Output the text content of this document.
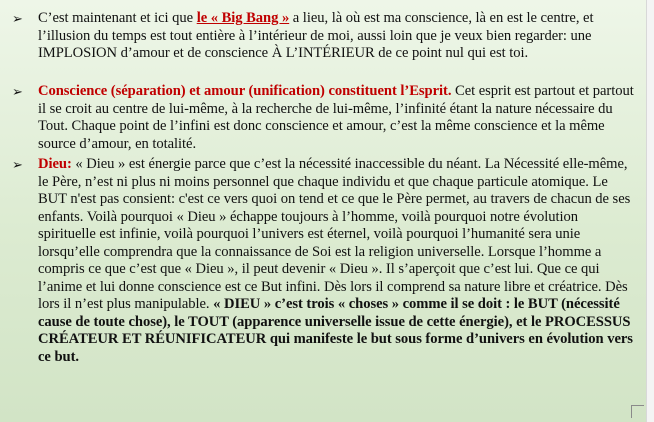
➢ C’est maintenant et ici que le « Big Bang » a lieu, là où est ma conscience, là en est le centre, et l’illusion du temps est tout entière à l’intérieur de moi, aussi loin que je veux bien regarder: une IMPLOSION d’amour et de conscience À L’INTÉRIEUR de ce point nul qui est toi.
➢ Conscience (séparation) et amour (unification) constituent l’Esprit. Cet esprit est partout et partout il se croit au centre de lui-même, à la recherche de lui-même, l’infinité étant la nature nécessaire du Tout. Chaque point de l’infini est donc conscience et amour, c’est la même conscience et la même source d’amour, en totalité.
➢ Dieu: « Dieu » est énergie parce que c’est la nécessité inaccessible du néant. La Nécessité elle-même, le Père, n’est ni plus ni moins personnel que chaque individu et que chaque particule atomique. Le BUT n'est pas consient: c'est ce vers quoi on tend et ce que le Père permet, au travers de chacun de ses enfants. Voilà pourquoi « Dieu » échappe toujours à l’homme, voilà pourquoi notre évolution spirituelle est infinie, voilà pourquoi l’univers est éternel, voilà pourquoi l’humanité sera unie lorsqu’elle comprendra que la connaissance de Soi est la religion universelle. Lorsque l’homme a compris ce que c’est que « Dieu », il peut devenir « Dieu ». Il s’aperçoit que c’est lui. Que ce qui l’anime et lui donne conscience est ce But infini. Dès lors il comprend sa nature libre et créatrice. Dès lors il n’est plus manipulable. « DIEU » c’est trois « choses » comme il se doit : le BUT (nécessité cause de toute chose), le TOUT (apparence universelle issue de cette énergie), et le PROCESSUS CRÉATEUR ET RÉUNIFICATEUR qui manifeste le but sous forme d’univers en évolution vers ce but.
